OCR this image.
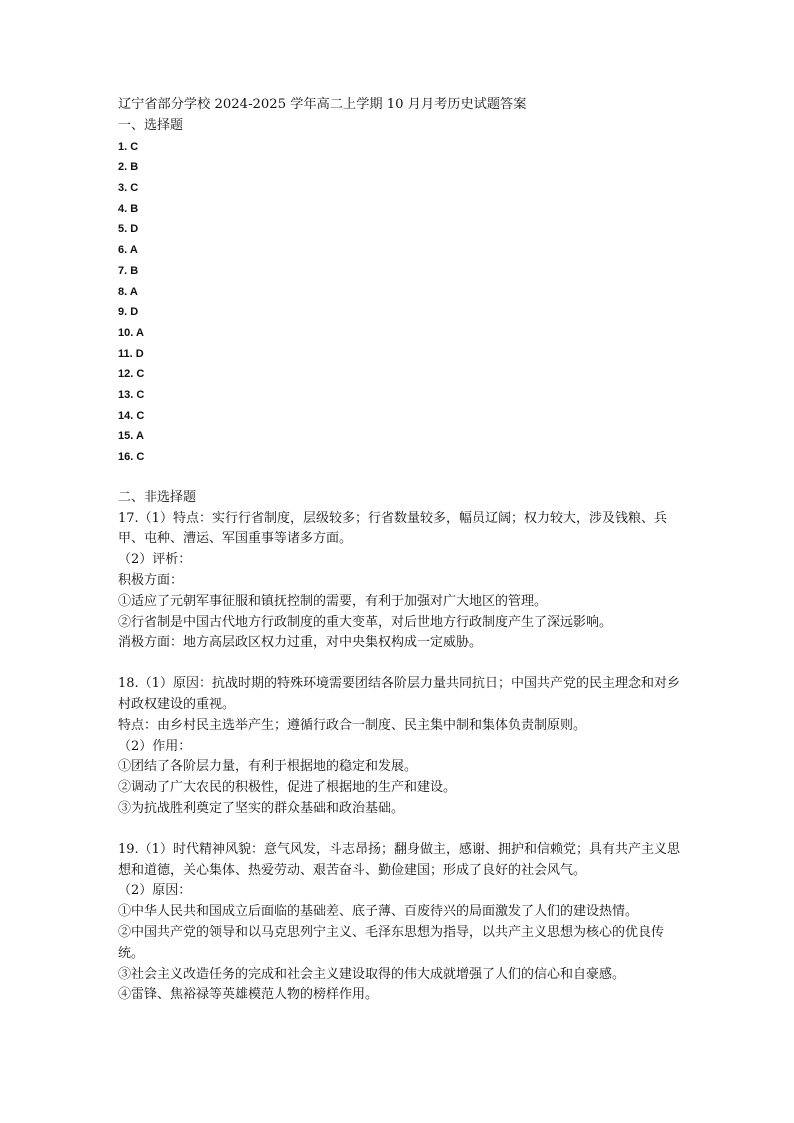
辽宁省部分学校 2024-2025 学年高二上学期 10 月月考历史试题答案
一、选择题
1. C
2. B
3. C
4. B
5. D
6. A
7. B
8. A
9. D
10. A
11. D
12. C
13. C
14. C
15. A
16. C
二、非选择题
17.（1）特点：实行行省制度，层级较多；行省数量较多，幅员辽阔；权力较大，涉及钱粮、兵甲、屯种、漕运、军国重事等诸多方面。
（2）评析：
积极方面：
①适应了元朝军事征服和镇抚控制的需要，有利于加强对广大地区的管理。
②行省制是中国古代地方行政制度的重大变革，对后世地方行政制度产生了深远影响。
消极方面：地方高层政区权力过重，对中央集权构成一定威胁。
18.（1）原因：抗战时期的特殊环境需要团结各阶层力量共同抗日；中国共产党的民主理念和对乡村政权建设的重视。
特点：由乡村民主选举产生；遵循行政合一制度、民主集中制和集体负责制原则。
（2）作用：
①团结了各阶层力量，有利于根据地的稳定和发展。
②调动了广大农民的积极性，促进了根据地的生产和建设。
③为抗战胜利奠定了坚实的群众基础和政治基础。
19.（1）时代精神风貌：意气风发，斗志昂扬；翻身做主，感谢、拥护和信赖党；具有共产主义思想和道德，关心集体、热爱劳动、艰苦奋斗、勤俭建国；形成了良好的社会风气。
（2）原因：
①中华人民共和国成立后面临的基础差、底子薄、百废待兴的局面激发了人们的建设热情。
②中国共产党的领导和以马克思列宁主义、毛泽东思想为指导，以共产主义思想为核心的优良传统。
③社会主义改造任务的完成和社会主义建设取得的伟大成就增强了人们的信心和自豪感。
④雷锋、焦裕禄等英雄模范人物的榜样作用。
